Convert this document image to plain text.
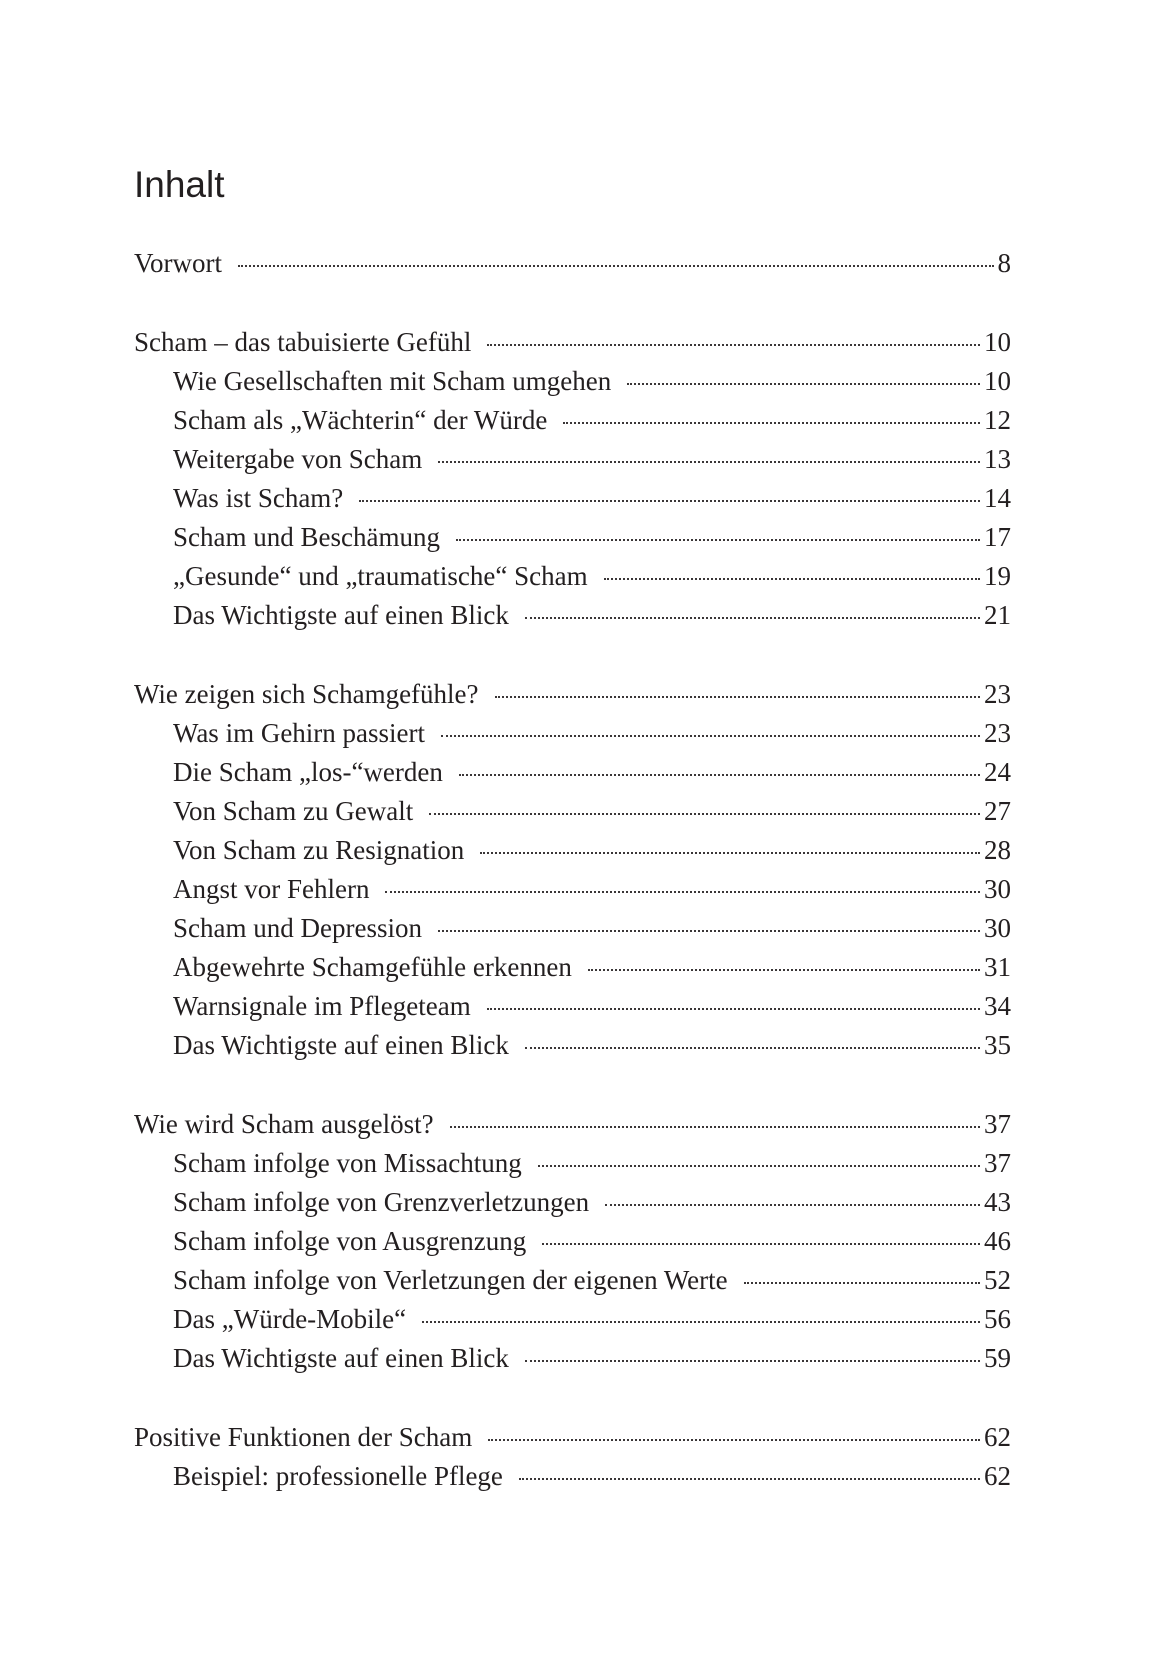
Inhalt
Vorwort	8
Scham – das tabuisierte Gefühl	10
Wie Gesellschaften mit Scham umgehen	10
Scham als „Wächterin“ der Würde	12
Weitergabe von Scham	13
Was ist Scham?	14
Scham und Beschämung	17
„Gesunde“ und „traumatische“ Scham	19
Das Wichtigste auf einen Blick	21
Wie zeigen sich Schamgefühle?	23
Was im Gehirn passiert	23
Die Scham „los-“werden	24
Von Scham zu Gewalt	27
Von Scham zu Resignation	28
Angst vor Fehlern	30
Scham und Depression	30
Abgewehrte Schamgefühle erkennen	31
Warnsignale im Pflegeteam	34
Das Wichtigste auf einen Blick	35
Wie wird Scham ausgelöst?	37
Scham infolge von Missachtung	37
Scham infolge von Grenzverletzungen	43
Scham infolge von Ausgrenzung	46
Scham infolge von Verletzungen der eigenen Werte	52
Das „Würde-Mobile“	56
Das Wichtigste auf einen Blick	59
Positive Funktionen der Scham	62
Beispiel: professionelle Pflege	62
